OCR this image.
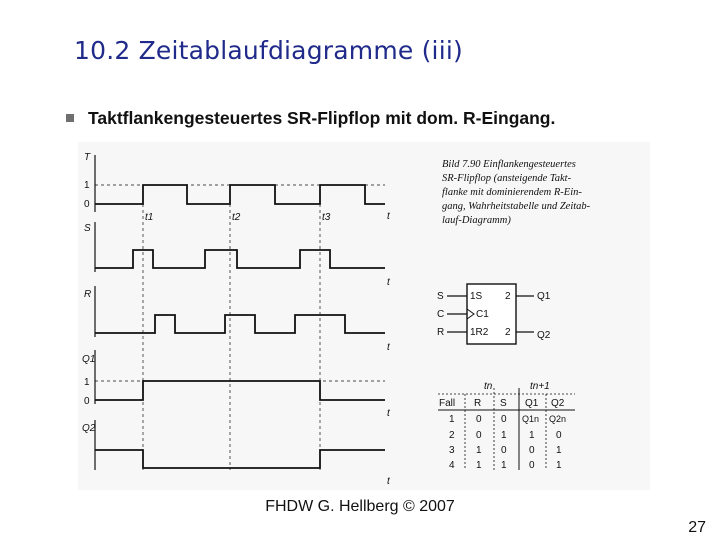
10.2 Zeitablaufdiagramme (iii)
Taktflankengesteuertes SR-Flipflop mit dom. R-Eingang.
T
1
0
S
R
Q1
1
0
Q2
t
t
t
t
t
t1	t2	t3
Bild 7.90 Einflankengesteuertes
SR-Flipflop (ansteigende Takt-
flanke mit dominierendem R-Ein-
gang, Wahrheitstabelle und Zeitab-
lauf-Diagramm)
S
C
R
1S
C1
1R2
2
2
Q1
Q2
tn	tn+1
Fall R S Q1 Q2
1 0 0 Q1n Q2n
2 0 1 1 0
3 1 0 0 1
4 1 1 0 1
FHDW G. Hellberg © 2007
27
